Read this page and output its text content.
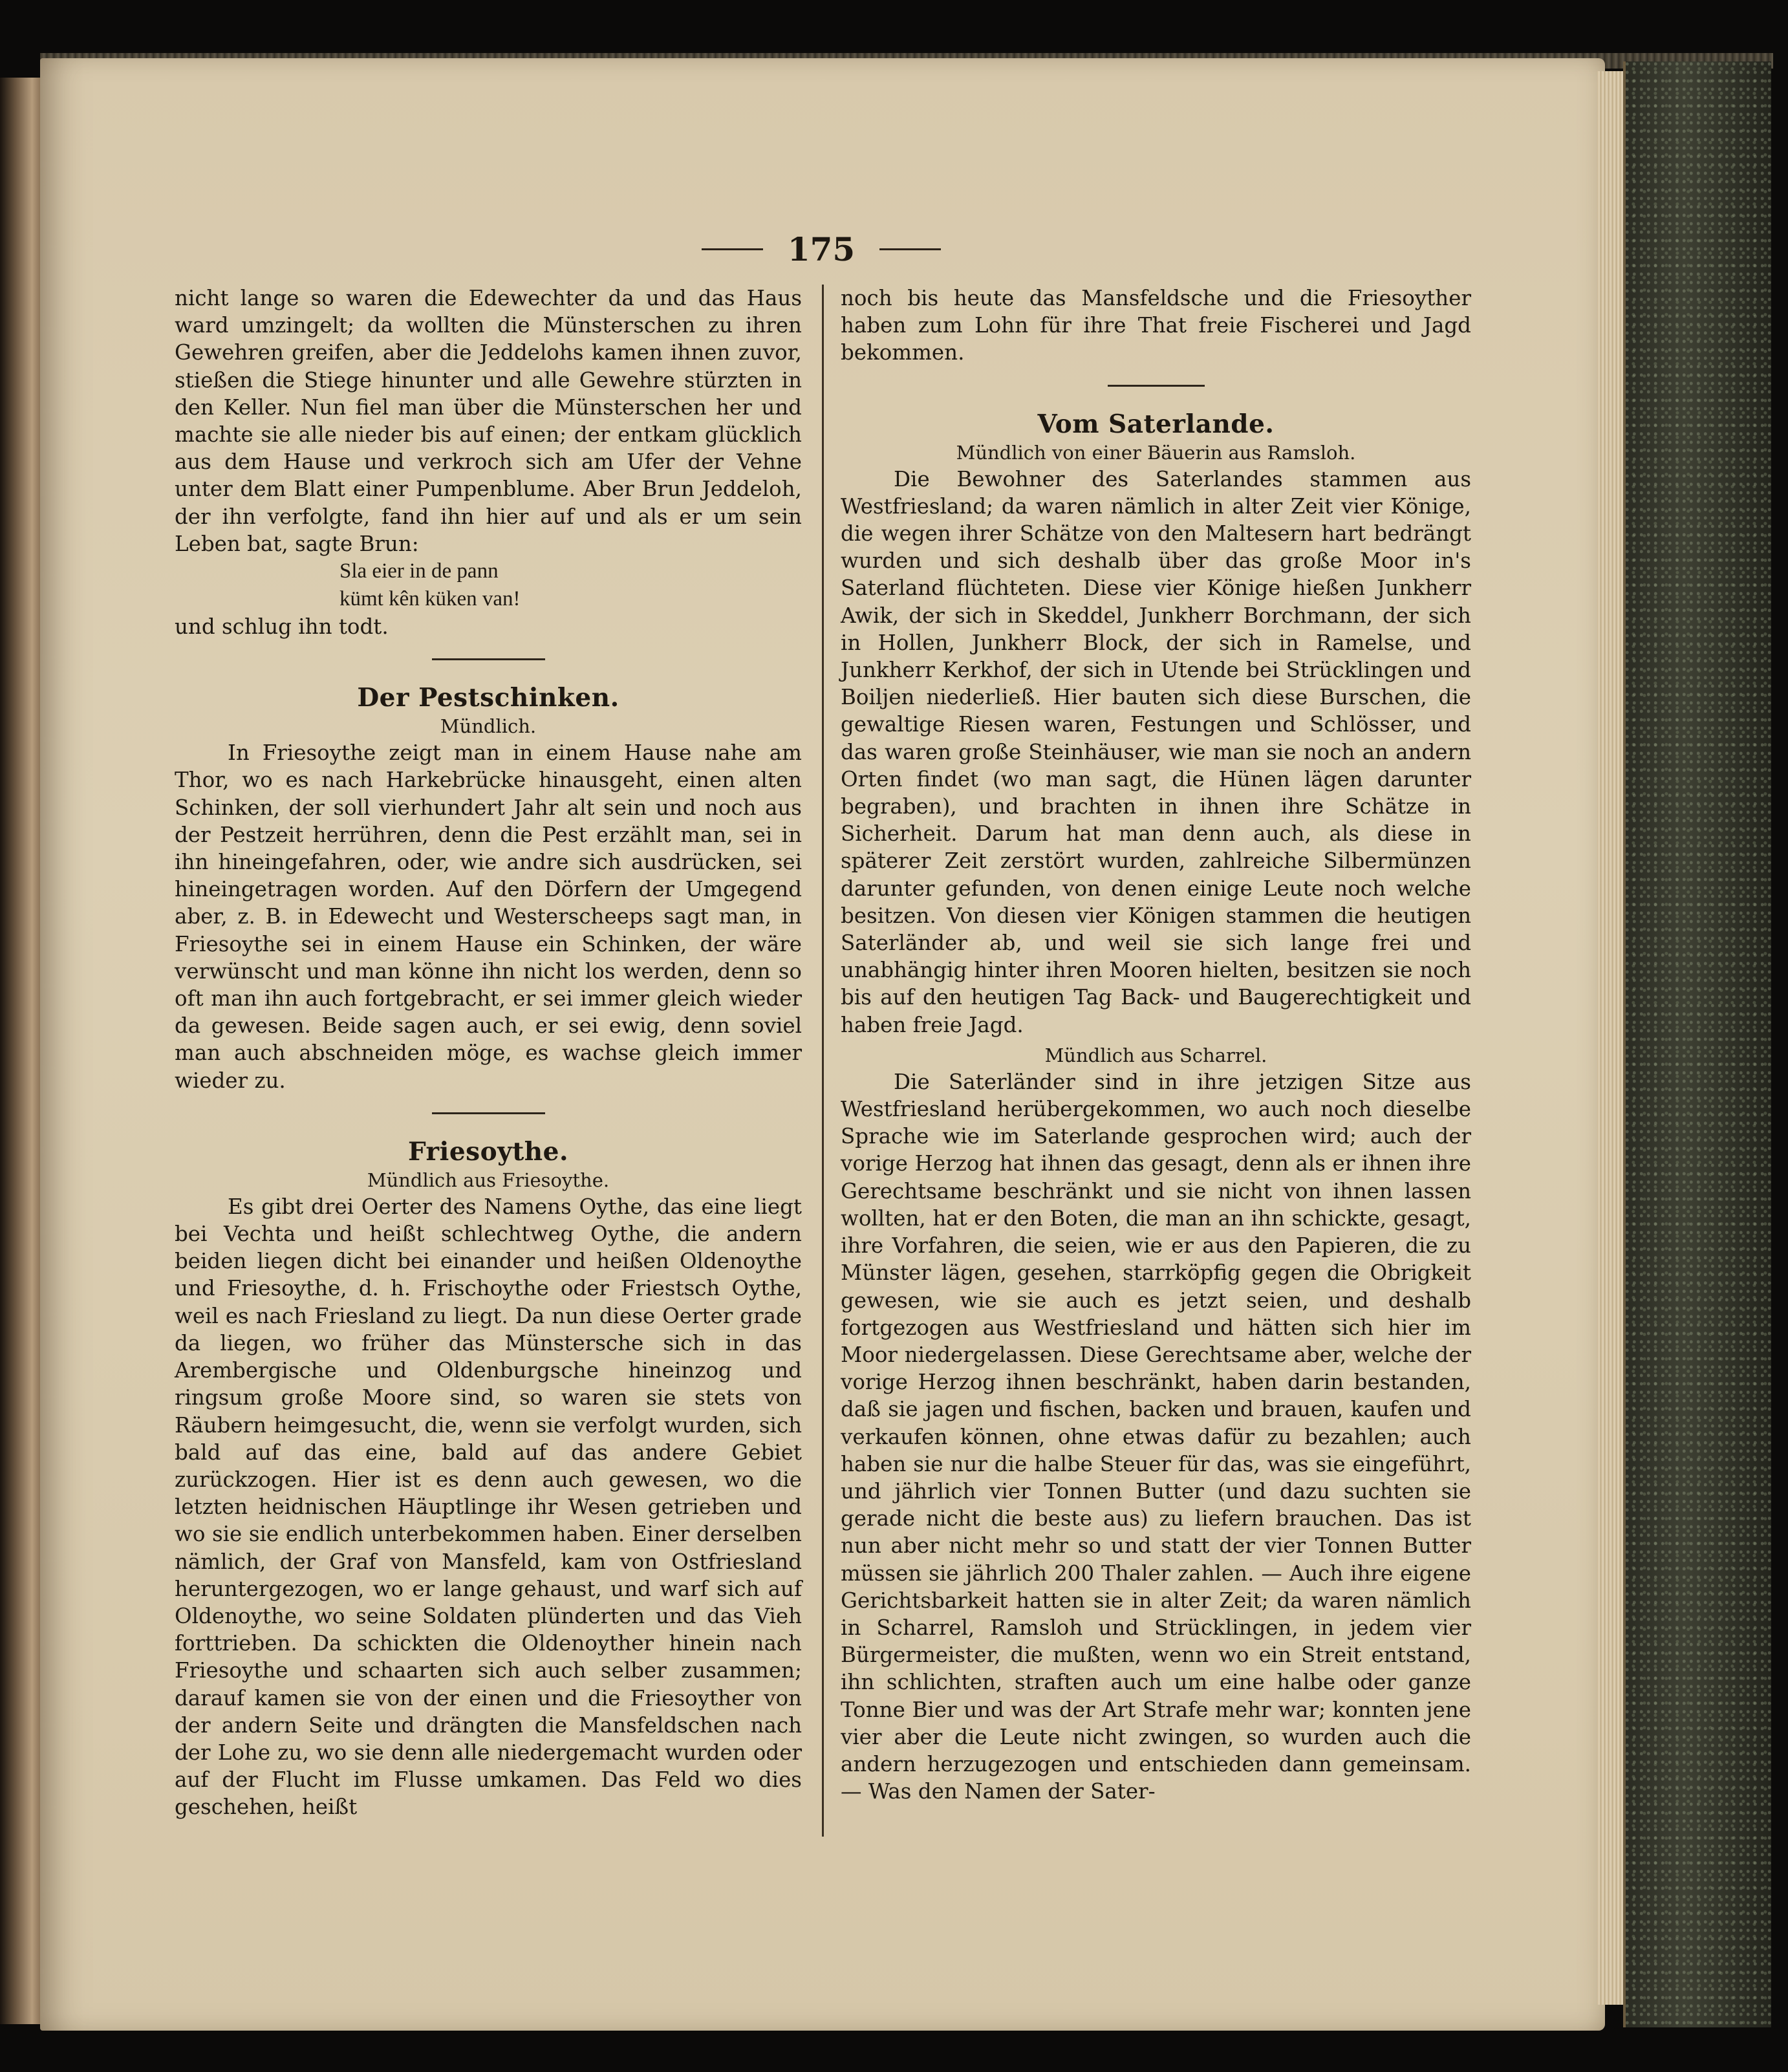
175

nicht lange so waren die Edewechter da und das Haus ward umzingelt; da wollten die Münsterschen zu ihren Gewehren greifen, aber die Jeddelohs kamen ihnen zuvor, stießen die Stiege hinunter und alle Gewehre stürzten in den Keller. Nun fiel man über die Münsterschen her und machte sie alle nieder bis auf einen; der entkam glücklich aus dem Hause und verkroch sich am Ufer der Vehne unter dem Blatt einer Pumpenblume. Aber Brun Jeddeloh, der ihn verfolgte, fand ihn hier auf und als er um sein Leben bat, sagte Brun:

Sla eier in de pann
kümt kên küken van!

und schlug ihn todt.

Der Pestschinken.

Mündlich.

In Friesoythe zeigt man in einem Hause nahe am Thor, wo es nach Harkebrücke hinausgeht, einen alten Schinken, der soll vierhundert Jahr alt sein und noch aus der Pestzeit herrühren, denn die Pest erzählt man, sei in ihn hineingefahren, oder, wie andre sich ausdrücken, sei hineingetragen worden. Auf den Dörfern der Umgegend aber, z. B. in Edewecht und Westerscheeps sagt man, in Friesoythe sei in einem Hause ein Schinken, der wäre verwünscht und man könne ihn nicht los werden, denn so oft man ihn auch fortgebracht, er sei immer gleich wieder da gewesen. Beide sagen auch, er sei ewig, denn soviel man auch abschneiden möge, es wachse gleich immer wieder zu.

Friesoythe.

Mündlich aus Friesoythe.

Es gibt drei Oerter des Namens Oythe, das eine liegt bei Vechta und heißt schlechtweg Oythe, die andern beiden liegen dicht bei einander und heißen Oldenoythe und Friesoythe, d. h. Frischoythe oder Friestsch Oythe, weil es nach Friesland zu liegt. Da nun diese Oerter grade da liegen, wo früher das Münstersche sich in das Arembergische und Oldenburgsche hineinzog und ringsum große Moore sind, so waren sie stets von Räubern heimgesucht, die, wenn sie verfolgt wurden, sich bald auf das eine, bald auf das andere Gebiet zurückzogen. Hier ist es denn auch gewesen, wo die letzten heidnischen Häuptlinge ihr Wesen getrieben und wo sie sie endlich unterbekommen haben. Einer derselben nämlich, der Graf von Mansfeld, kam von Ostfriesland heruntergezogen, wo er lange gehaust, und warf sich auf Oldenoythe, wo seine Soldaten plünderten und das Vieh forttrieben. Da schickten die Oldenoyther hinein nach Friesoythe und schaarten sich auch selber zusammen; darauf kamen sie von der einen und die Friesoyther von der andern Seite und drängten die Mansfeldschen nach der Lohe zu, wo sie denn alle niedergemacht wurden oder auf der Flucht im Flusse umkamen. Das Feld wo dies geschehen, heißt

noch bis heute das Mansfeldsche und die Friesoyther haben zum Lohn für ihre That freie Fischerei und Jagd bekommen.

Vom Saterlande.

Mündlich von einer Bäuerin aus Ramsloh.

Die Bewohner des Saterlandes stammen aus Westfriesland; da waren nämlich in alter Zeit vier Könige, die wegen ihrer Schätze von den Maltesern hart bedrängt wurden und sich deshalb über das große Moor in's Saterland flüchteten. Diese vier Könige hießen Junkherr Awik, der sich in Skeddel, Junkherr Borchmann, der sich in Hollen, Junkherr Block, der sich in Ramelse, und Junkherr Kerkhof, der sich in Utende bei Strücklingen und Boiljen niederließ. Hier bauten sich diese Burschen, die gewaltige Riesen waren, Festungen und Schlösser, und das waren große Steinhäuser, wie man sie noch an andern Orten findet (wo man sagt, die Hünen lägen darunter begraben), und brachten in ihnen ihre Schätze in Sicherheit. Darum hat man denn auch, als diese in späterer Zeit zerstört wurden, zahlreiche Silbermünzen darunter gefunden, von denen einige Leute noch welche besitzen. Von diesen vier Königen stammen die heutigen Saterländer ab, und weil sie sich lange frei und unabhängig hinter ihren Mooren hielten, besitzen sie noch bis auf den heutigen Tag Back- und Baugerechtigkeit und haben freie Jagd.

Mündlich aus Scharrel.

Die Saterländer sind in ihre jetzigen Sitze aus Westfriesland herübergekommen, wo auch noch dieselbe Sprache wie im Saterlande gesprochen wird; auch der vorige Herzog hat ihnen das gesagt, denn als er ihnen ihre Gerechtsame beschränkt und sie nicht von ihnen lassen wollten, hat er den Boten, die man an ihn schickte, gesagt, ihre Vorfahren, die seien, wie er aus den Papieren, die zu Münster lägen, gesehen, starrköpfig gegen die Obrigkeit gewesen, wie sie auch es jetzt seien, und deshalb fortgezogen aus Westfriesland und hätten sich hier im Moor niedergelassen. Diese Gerechtsame aber, welche der vorige Herzog ihnen beschränkt, haben darin bestanden, daß sie jagen und fischen, backen und brauen, kaufen und verkaufen können, ohne etwas dafür zu bezahlen; auch haben sie nur die halbe Steuer für das, was sie eingeführt, und jährlich vier Tonnen Butter (und dazu suchten sie gerade nicht die beste aus) zu liefern brauchen. Das ist nun aber nicht mehr so und statt der vier Tonnen Butter müssen sie jährlich 200 Thaler zahlen. — Auch ihre eigene Gerichtsbarkeit hatten sie in alter Zeit; da waren nämlich in Scharrel, Ramsloh und Strücklingen, in jedem vier Bürgermeister, die mußten, wenn wo ein Streit entstand, ihn schlichten, straften auch um eine halbe oder ganze Tonne Bier und was der Art Strafe mehr war; konnten jene vier aber die Leute nicht zwingen, so wurden auch die andern herzugezogen und entschieden dann gemeinsam. — Was den Namen der Sater-
